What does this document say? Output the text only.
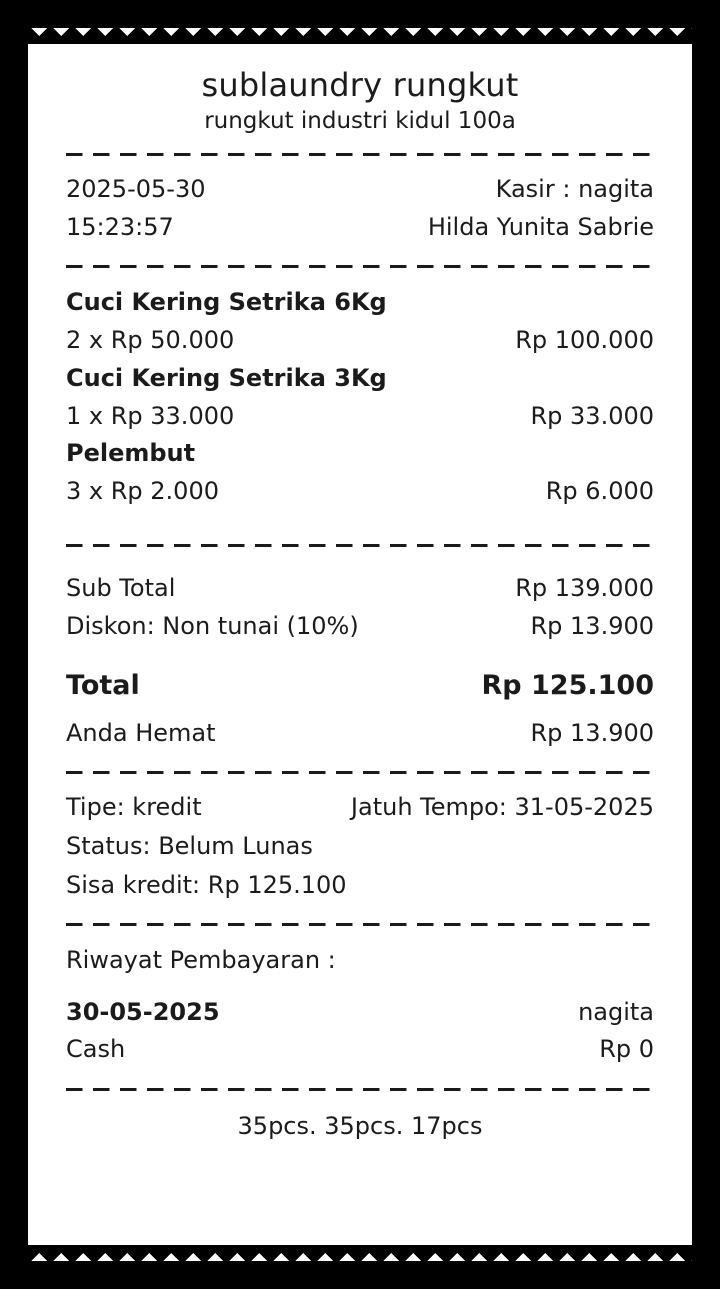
sublaundry rungkut
rungkut industri kidul 100a
2025-05-30	Kasir : nagita
15:23:57	Hilda Yunita Sabrie
Cuci Kering Setrika 6Kg
2 x Rp 50.000	Rp 100.000
Cuci Kering Setrika 3Kg
1 x Rp 33.000	Rp 33.000
Pelembut
3 x Rp 2.000	Rp 6.000
Sub Total	Rp 139.000
Diskon: Non tunai (10%)	Rp 13.900
Total	Rp 125.100
Anda Hemat	Rp 13.900
Tipe: kredit	Jatuh Tempo: 31-05-2025
Status: Belum Lunas
Sisa kredit: Rp 125.100
Riwayat Pembayaran :
30-05-2025	nagita
Cash	Rp 0
35pcs. 35pcs. 17pcs
